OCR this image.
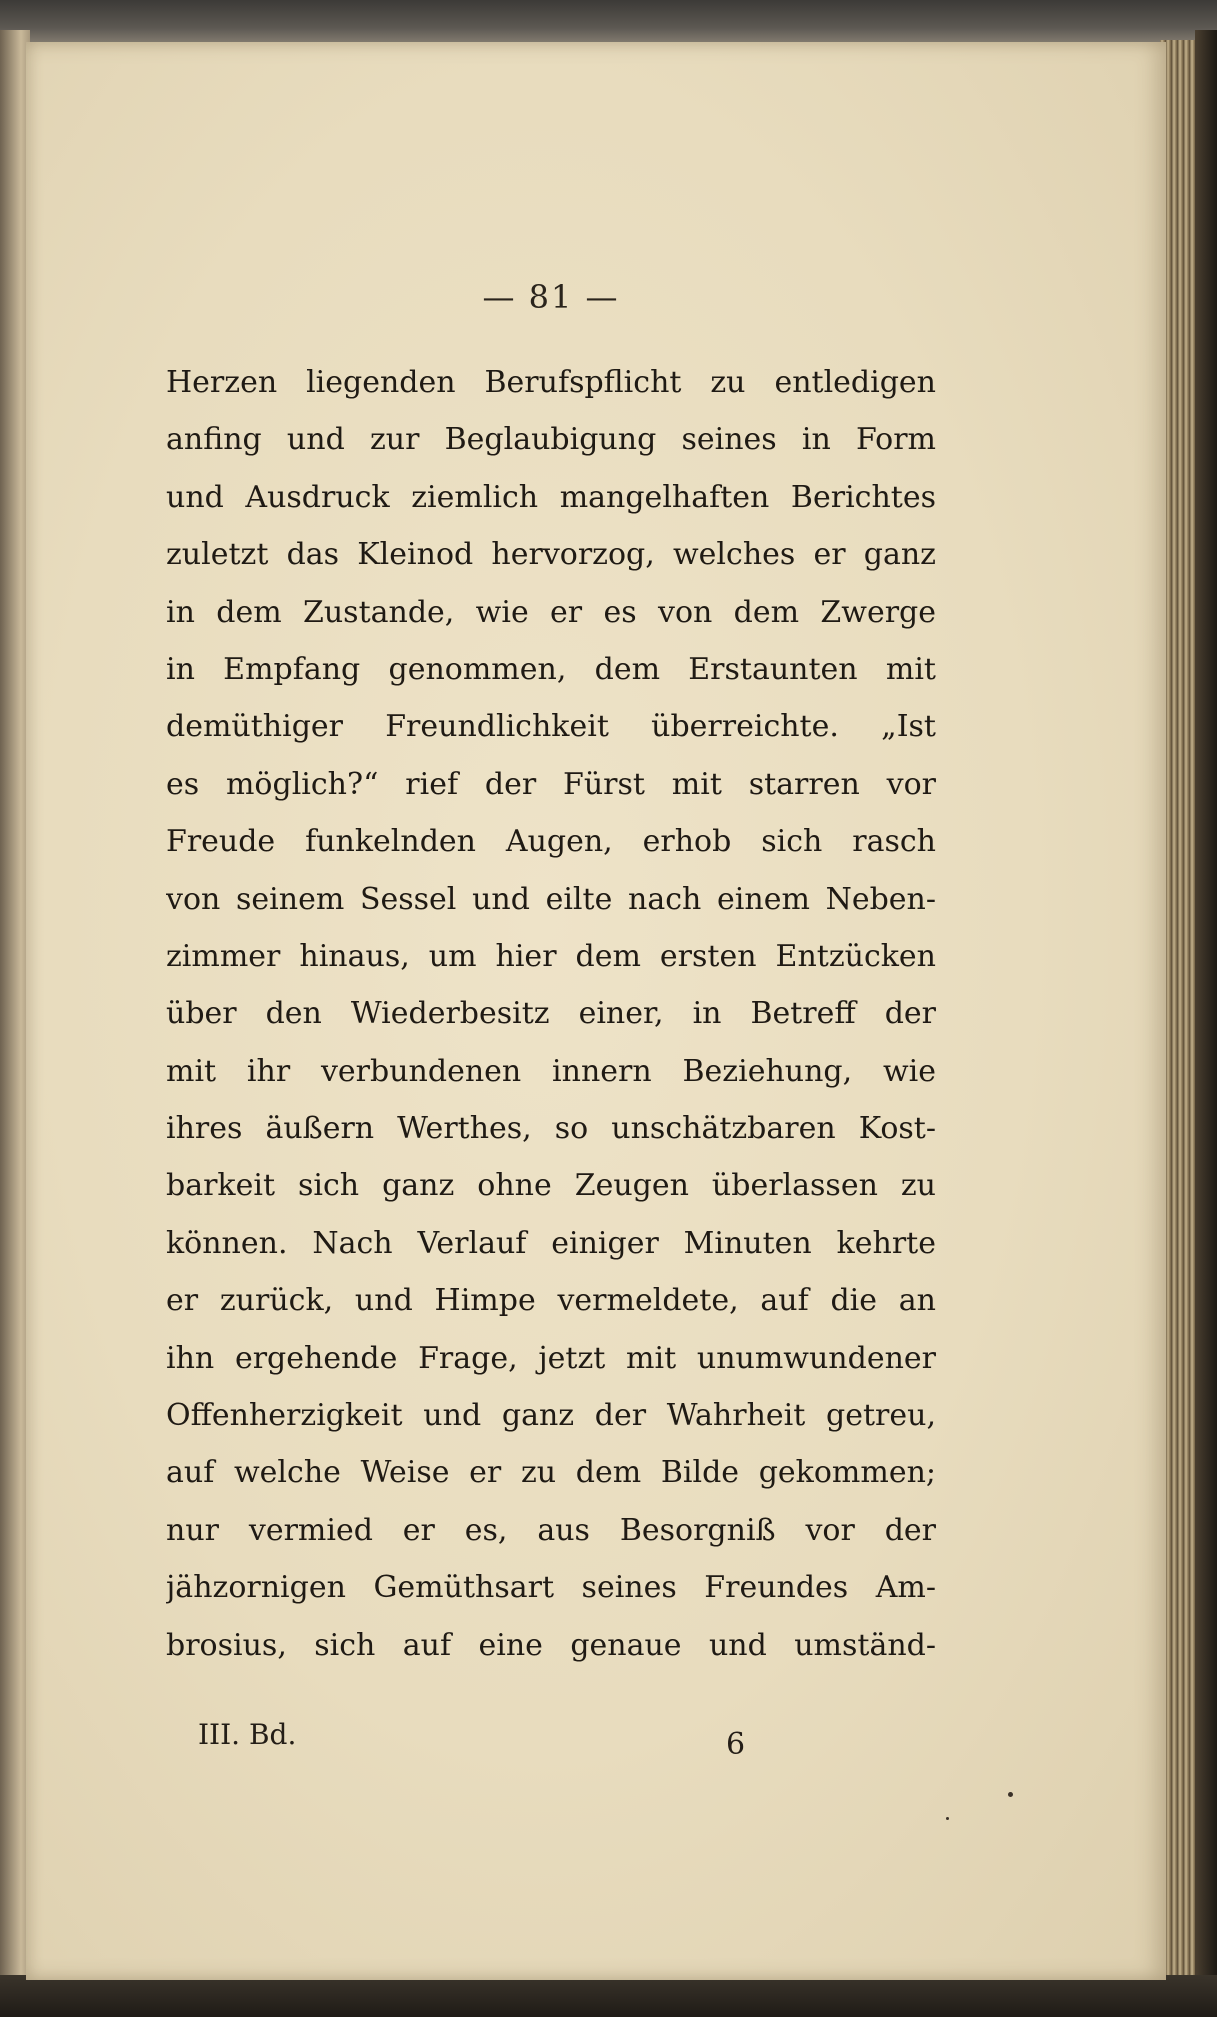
— 81 —
Herzen liegenden Berufspflicht zu entledigen
anfing und zur Beglaubigung seines in Form
und Ausdruck ziemlich mangelhaften Berichtes
zuletzt das Kleinod hervorzog, welches er ganz
in dem Zustande, wie er es von dem Zwerge
in Empfang genommen, dem Erstaunten mit
demüthiger Freundlichkeit überreichte. „Ist
es möglich?“ rief der Fürst mit starren vor
Freude funkelnden Augen, erhob sich rasch
von seinem Sessel und eilte nach einem Neben-
zimmer hinaus, um hier dem ersten Entzücken
über den Wiederbesitz einer, in Betreff der
mit ihr verbundenen innern Beziehung, wie
ihres äußern Werthes, so unschätzbaren Kost-
barkeit sich ganz ohne Zeugen überlassen zu
können. Nach Verlauf einiger Minuten kehrte
er zurück, und Himpe vermeldete, auf die an
ihn ergehende Frage, jetzt mit unumwundener
Offenherzigkeit und ganz der Wahrheit getreu,
auf welche Weise er zu dem Bilde gekommen;
nur vermied er es, aus Besorgniß vor der
jähzornigen Gemüthsart seines Freundes Am-
brosius, sich auf eine genaue und umständ-
III. Bd.	6
